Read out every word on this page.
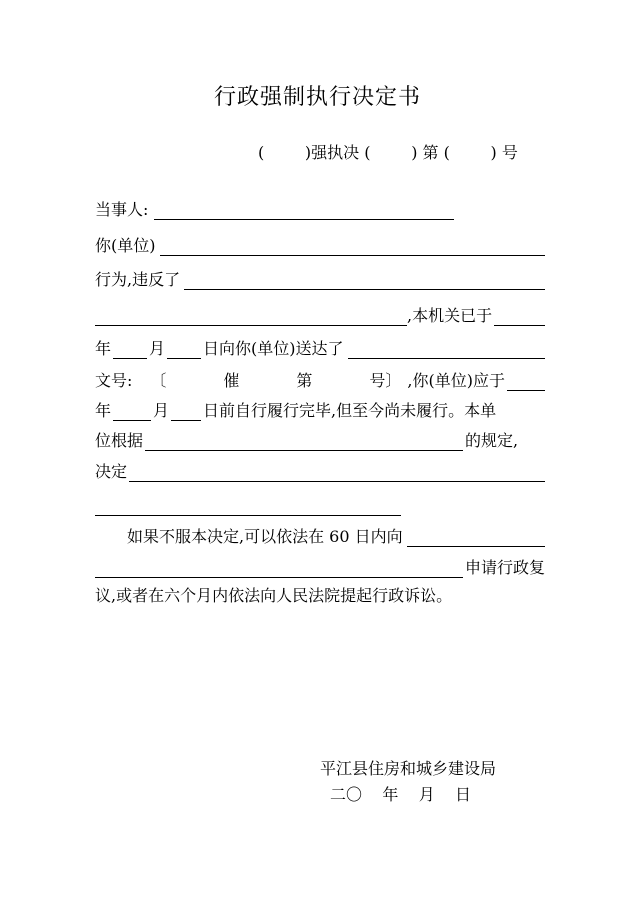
行政强制执行决定书
(        )强执决 (        ) 第 (        ) 号
当事人:
你(单位)
行为,违反了
,本机关已于
年 月 日向你(单位)送达了
文号: 〔	催	第	号〕 ,你(单位)应于
年	月 日前自行履行完毕,但至今尚未履行。本单
位根据	的规定,
决定
如果不服本决定,可以依法在 60 日内向
申请行政复
议,或者在六个月内依法向人民法院提起行政诉讼。
平江县住房和城乡建设局
二〇    年    月    日
